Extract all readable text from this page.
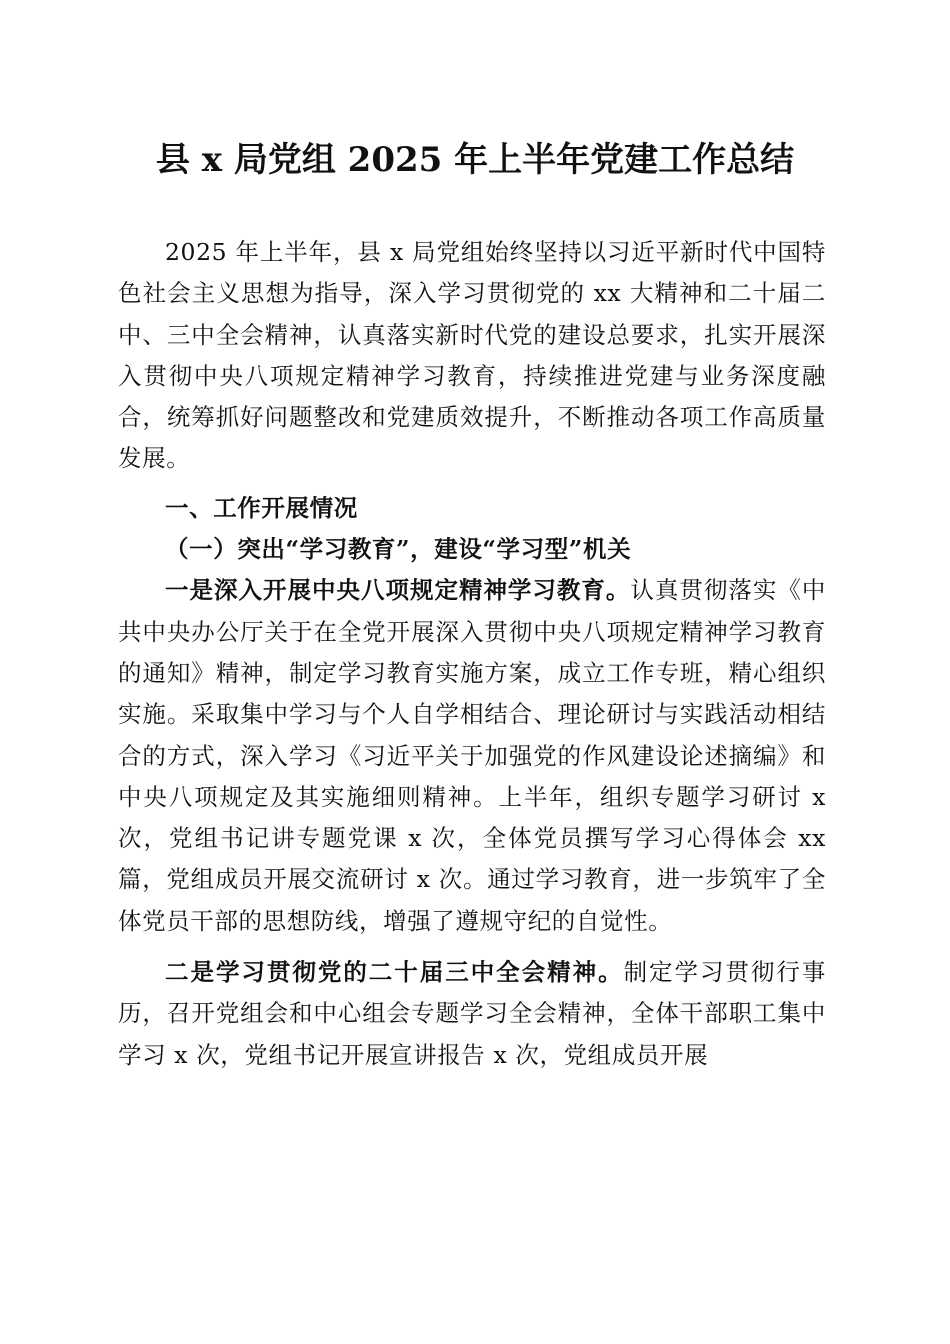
县 x 局党组 2025 年上半年党建工作总结

2025 年上半年，县 x 局党组始终坚持以习近平新时代中国特色社会主义思想为指导，深入学习贯彻党的 xx 大精神和二十届二中、三中全会精神，认真落实新时代党的建设总要求，扎实开展深入贯彻中央八项规定精神学习教育，持续推进党建与业务深度融合，统筹抓好问题整改和党建质效提升，不断推动各项工作高质量发展。

一、工作开展情况

（一）突出“学习教育”，建设“学习型”机关

一是深入开展中央八项规定精神学习教育。认真贯彻落实《中共中央办公厅关于在全党开展深入贯彻中央八项规定精神学习教育的通知》精神，制定学习教育实施方案，成立工作专班，精心组织实施。采取集中学习与个人自学相结合、理论研讨与实践活动相结合的方式，深入学习《习近平关于加强党的作风建设论述摘编》和中央八项规定及其实施细则精神。上半年，组织专题学习研讨 x 次，党组书记讲专题党课 x 次，全体党员撰写学习心得体会 xx 篇，党组成员开展交流研讨 x 次。通过学习教育，进一步筑牢了全体党员干部的思想防线，增强了遵规守纪的自觉性。

二是学习贯彻党的二十届三中全会精神。制定学习贯彻行事历，召开党组会和中心组会专题学习全会精神，全体干部职工集中学习 x 次，党组书记开展宣讲报告 x 次，党组成员开展
